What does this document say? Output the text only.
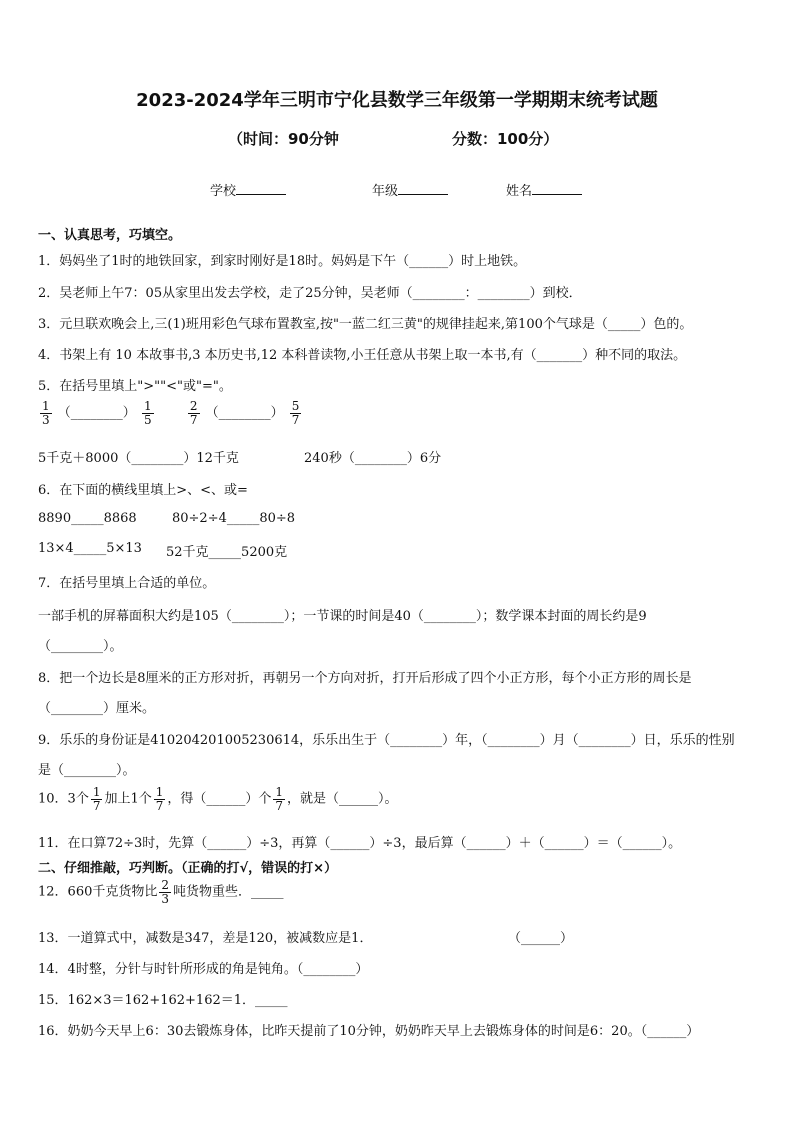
2023-2024学年三明市宁化县数学三年级第一学期期末统考试题
（时间：90分钟	分数：100分）
学校	年级	姓名
一、认真思考，巧填空。
1．妈妈坐了1时的地铁回家，到家时刚好是18时。妈妈是下午（______）时上地铁。
2．吴老师上午7：05从家里出发去学校，走了25分钟，吴老师（________：________）到校．
3．元旦联欢晚会上,三(1)班用彩色气球布置教室,按"一蓝二红三黄"的规律挂起来,第100个气球是（_____）色的。
4．书架上有 10 本故事书,3 本历史书,12 本科普读物,小王任意从书架上取一本书,有（_______）种不同的取法。
5．在括号里填上">""<"或"="。
$\frac{1}{3}$ （________） $\frac{1}{5}$
	$\frac{2}{7}$ （________） $\frac{5}{7}$
5千克＋8000（________）12千克	240秒（________）6分
6．在下面的横线里填上>、<、或=
8890_____8868	80÷2÷4_____80÷8
13×4_____5×13 52千克_____5200克
7．在括号里填上合适的单位。
一部手机的屏幕面积大约是105（________）；一节课的时间是40（________）；数学课本封面的周长约是9
（________）。
8．把一个边长是8厘米的正方形对折，再朝另一个方向对折，打开后形成了四个小正方形，每个小正方形的周长是
（________）厘米。
9．乐乐的身份证是410204201005230614，乐乐出生于（________）年，（________）月（________）日，乐乐的性别
是（________）。
10．3个 $\frac{1}{7}$ 加上1个 $\frac{1}{7}$ ，得（______）个 $\frac{1}{7}$ ，就是（______）。
11．在口算72÷3时，先算（______）÷3，再算（______）÷3，最后算（______）＋（______）＝（______）。
二、仔细推敲，巧判断。（正确的打√，错误的打×）
12．660千克货物比 $\frac{2}{3}$ 吨货物重些．_____
13．一道算式中，减数是347，差是120，被减数应是1．	（______）
14．4时整，分针与时针所形成的角是钝角。（________）
15．162×3＝162+162+162＝1．_____
16．奶奶今天早上6：30去锻炼身体，比昨天提前了10分钟，奶奶昨天早上去锻炼身体的时间是6：20。（______）
